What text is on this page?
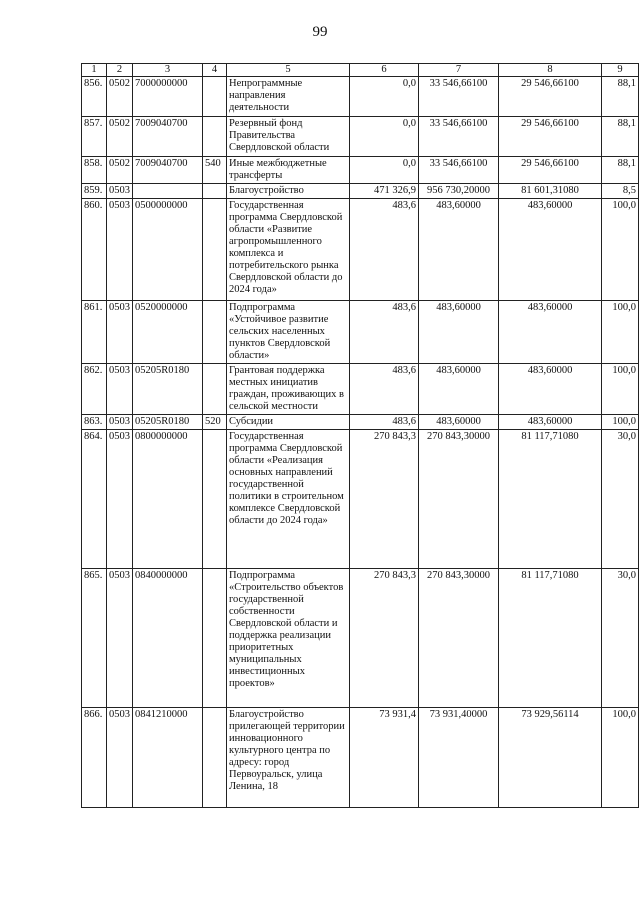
99
1	2	3	4	5	6	7	8	9
856.	0502	7000000000		Непрограммные направления деятельности	0,0	33 546,66100	29 546,66100	88,1
857.	0502	7009040700		Резервный фонд Правительства Свердловской области	0,0	33 546,66100	29 546,66100	88,1
858.	0502	7009040700	540	Иные межбюджетные трансферты	0,0	33 546,66100	29 546,66100	88,1
859.	0503			Благоустройство	471 326,9	956 730,20000	81 601,31080	8,5
860.	0503	0500000000		Государственная программа Свердловской области «Развитие агропромышленного комплекса и потребительского рынка Свердловской области до 2024 года»	483,6	483,60000	483,60000	100,0
861.	0503	0520000000		Подпрограмма «Устойчивое развитие сельских населенных пунктов Свердловской области»	483,6	483,60000	483,60000	100,0
862.	0503	05205R0180		Грантовая поддержка местных инициатив граждан, проживающих в сельской местности	483,6	483,60000	483,60000	100,0
863.	0503	05205R0180	520	Субсидии	483,6	483,60000	483,60000	100,0
864.	0503	0800000000		Государственная программа Свердловской области «Реализация основных направлений государственной политики в строительном комплексе Свердловской области до 2024 года»	270 843,3	270 843,30000	81 117,71080	30,0
865.	0503	0840000000		Подпрограмма «Строительство объектов государственной собственности Свердловской области и поддержка реализации приоритетных муниципальных инвестиционных проектов»	270 843,3	270 843,30000	81 117,71080	30,0
866.	0503	0841210000		Благоустройство прилегающей территории инновационного культурного центра по адресу: город Первоуральск, улица Ленина, 18	73 931,4	73 931,40000	73 929,56114	100,0
